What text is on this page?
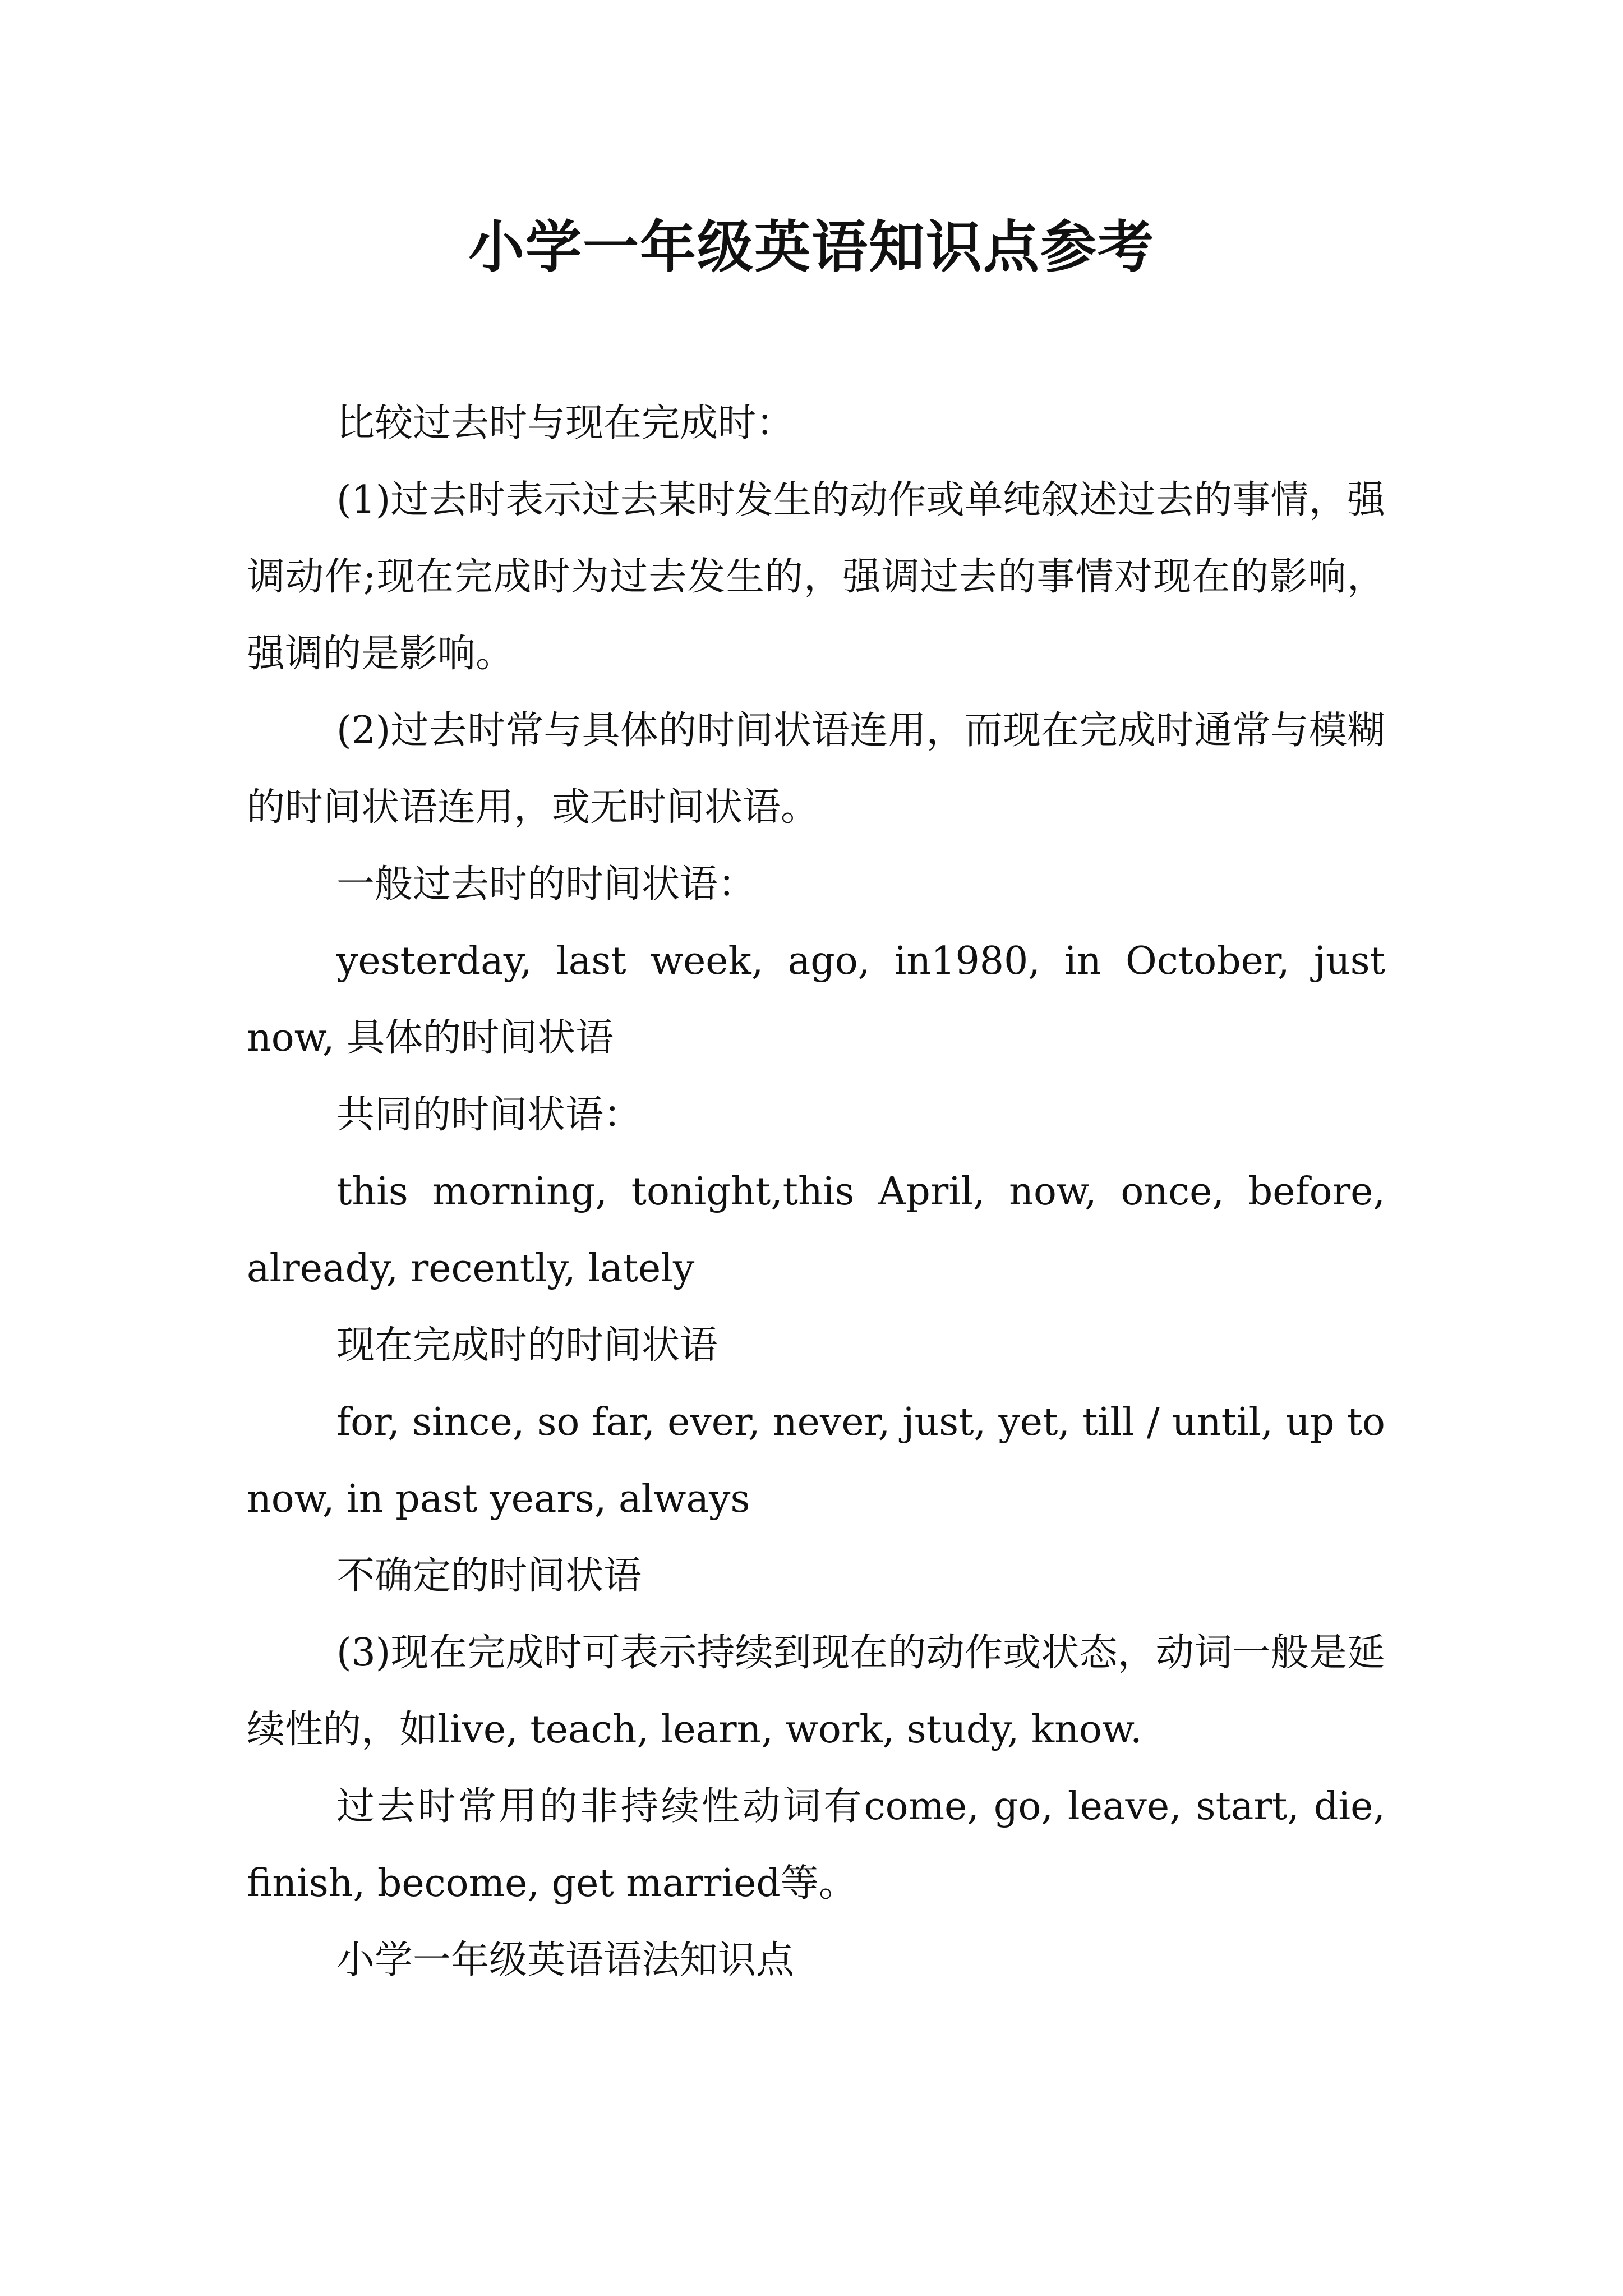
小学一年级英语知识点参考

比较过去时与现在完成时：

(1)过去时表示过去某时发生的动作或单纯叙述过去的事情，强调动作;现在完成时为过去发生的，强调过去的事情对现在的影响，强调的是影响。

(2)过去时常与具体的时间状语连用，而现在完成时通常与模糊的时间状语连用，或无时间状语。

一般过去时的时间状语：

yesterday, last week, ago, in1980, in October, just now, 具体的时间状语

共同的时间状语：

this morning, tonight,this April, now, once, before, already, recently, lately

现在完成时的时间状语

for, since, so far, ever, never, just, yet, till / until, up to now, in past years, always

不确定的时间状语

(3)现在完成时可表示持续到现在的动作或状态，动词一般是延续性的，如live, teach, learn, work, study, know.

过去时常用的非持续性动词有come, go, leave, start, die, finish, become, get married等。

小学一年级英语语法知识点
